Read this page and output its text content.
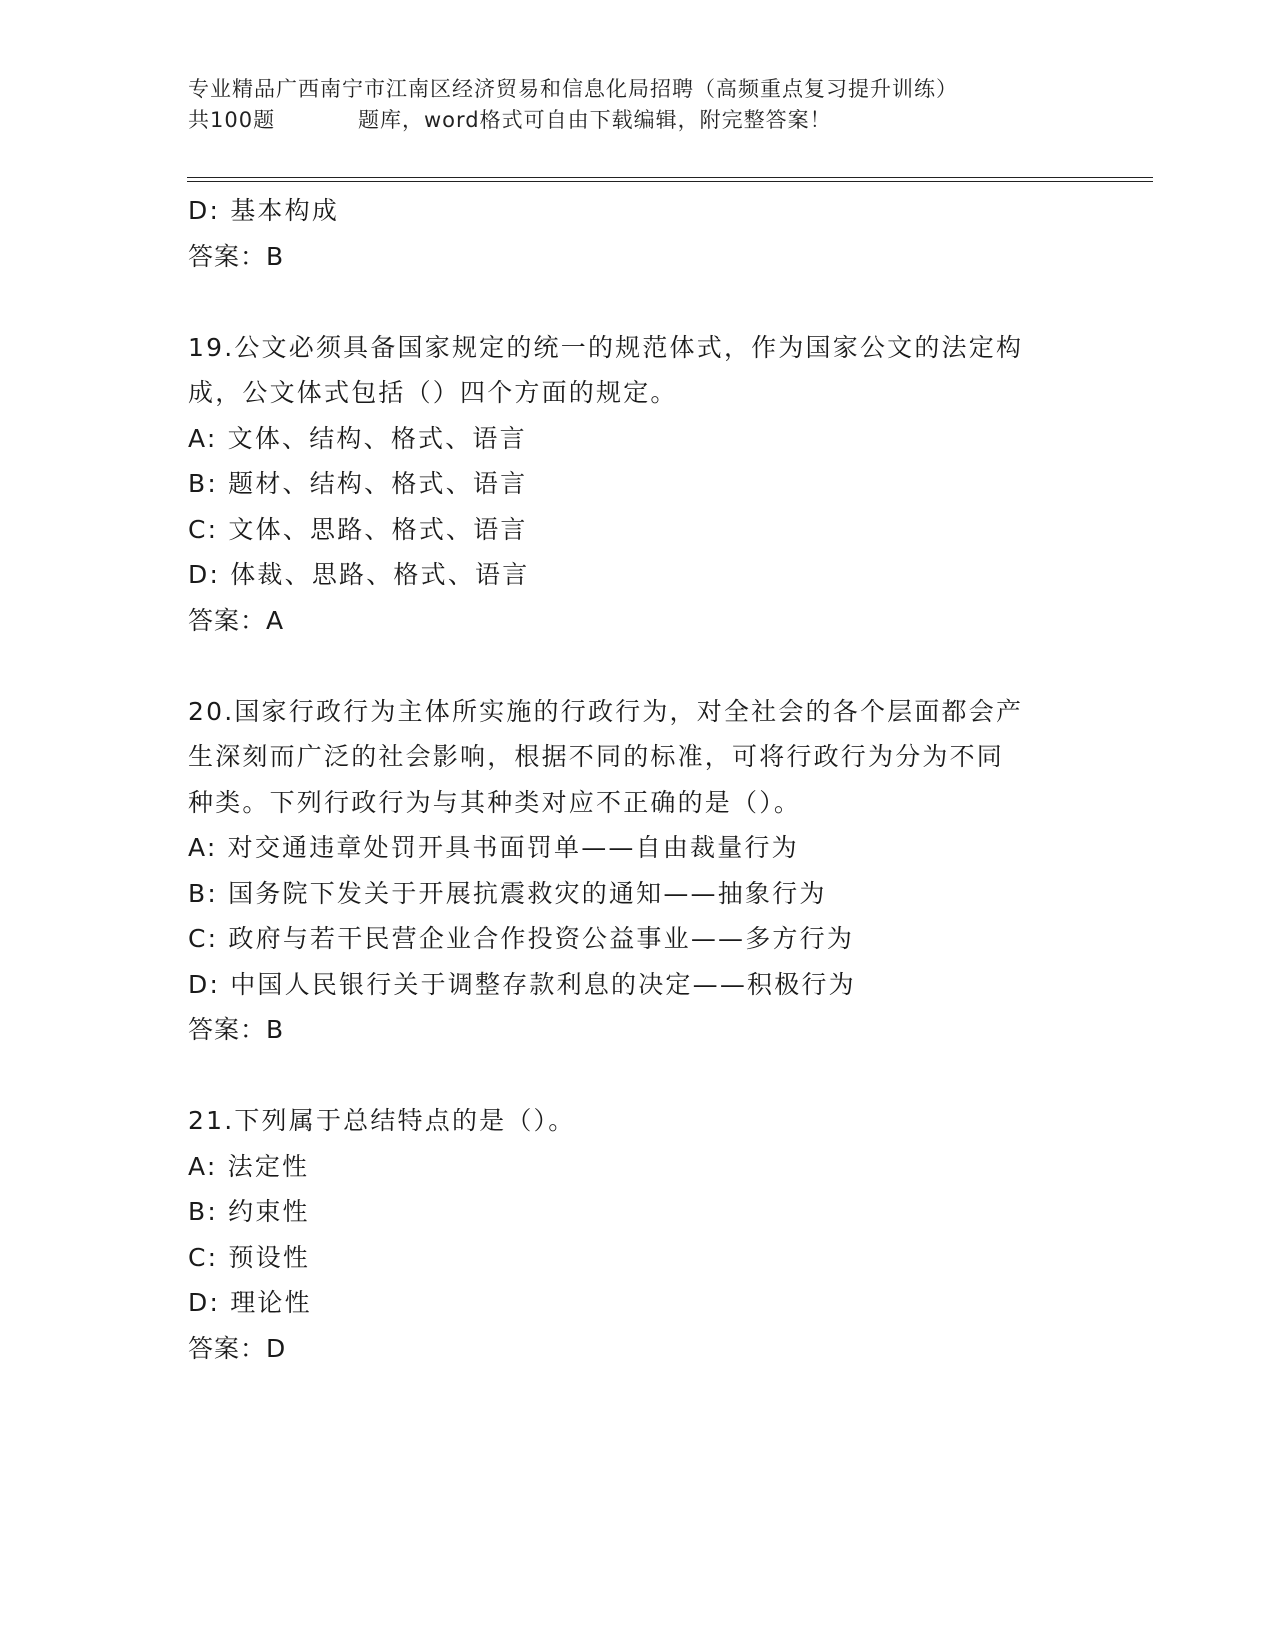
专业精品广西南宁市江南区经济贸易和信息化局招聘（高频重点复习提升训练）
共100题	题库，word格式可自由下载编辑，附完整答案！
D: 基本构成
答案：B
19.公文必须具备国家规定的统一的规范体式，作为国家公文的法定构
成，公文体式包括（）四个方面的规定。
A: 文体、结构、格式、语言
B: 题材、结构、格式、语言
C: 文体、思路、格式、语言
D: 体裁、思路、格式、语言
答案：A
20.国家行政行为主体所实施的行政行为，对全社会的各个层面都会产
生深刻而广泛的社会影响，根据不同的标准，可将行政行为分为不同
种类。下列行政行为与其种类对应不正确的是（）。
A: 对交通违章处罚开具书面罚单——自由裁量行为
B: 国务院下发关于开展抗震救灾的通知——抽象行为
C: 政府与若干民营企业合作投资公益事业——多方行为
D: 中国人民银行关于调整存款利息的决定——积极行为
答案：B
21.下列属于总结特点的是（）。
A: 法定性
B: 约束性
C: 预设性
D: 理论性
答案：D
